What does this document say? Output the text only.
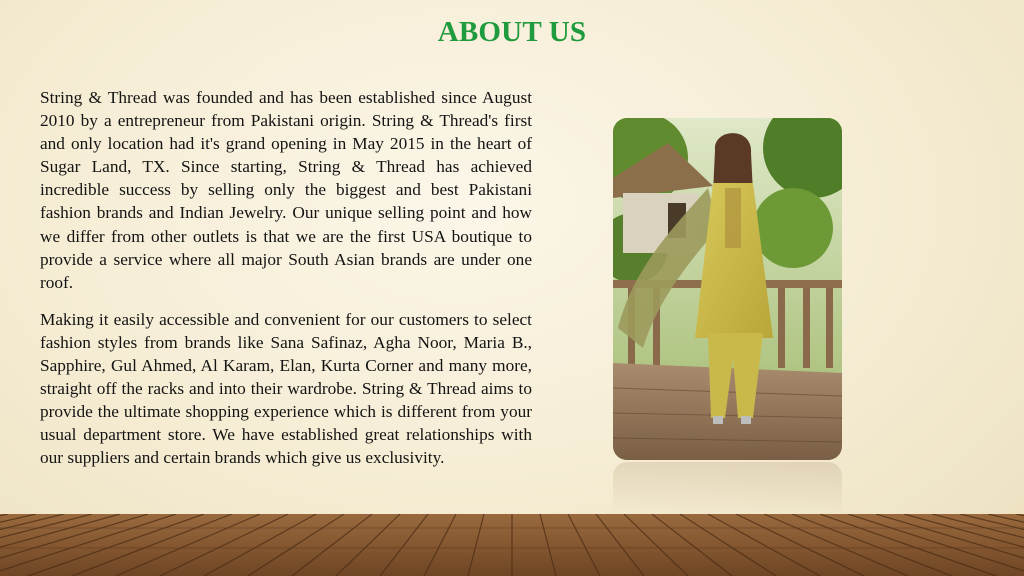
ABOUT US

String & Thread was founded and has been established since August 2010 by a entrepreneur from Pakistani origin. String & Thread's first and only location had it's grand opening in May 2015 in the heart of Sugar Land, TX. Since starting, String & Thread has achieved incredible success by selling only the biggest and best Pakistani fashion brands and Indian Jewelry. Our unique selling point and how we differ from other outlets is that we are the first USA boutique to provide a service where all major South Asian brands are under one roof.

Making it easily accessible and convenient for our customers to select fashion styles from brands like Sana Safinaz, Agha Noor, Maria B., Sapphire, Gul Ahmed, Al Karam, Elan, Kurta Corner and many more, straight off the racks and into their wardrobe. String & Thread aims to provide the ultimate shopping experience which is different from your usual department store. We have established great relationships with our suppliers and certain brands which give us exclusivity.
